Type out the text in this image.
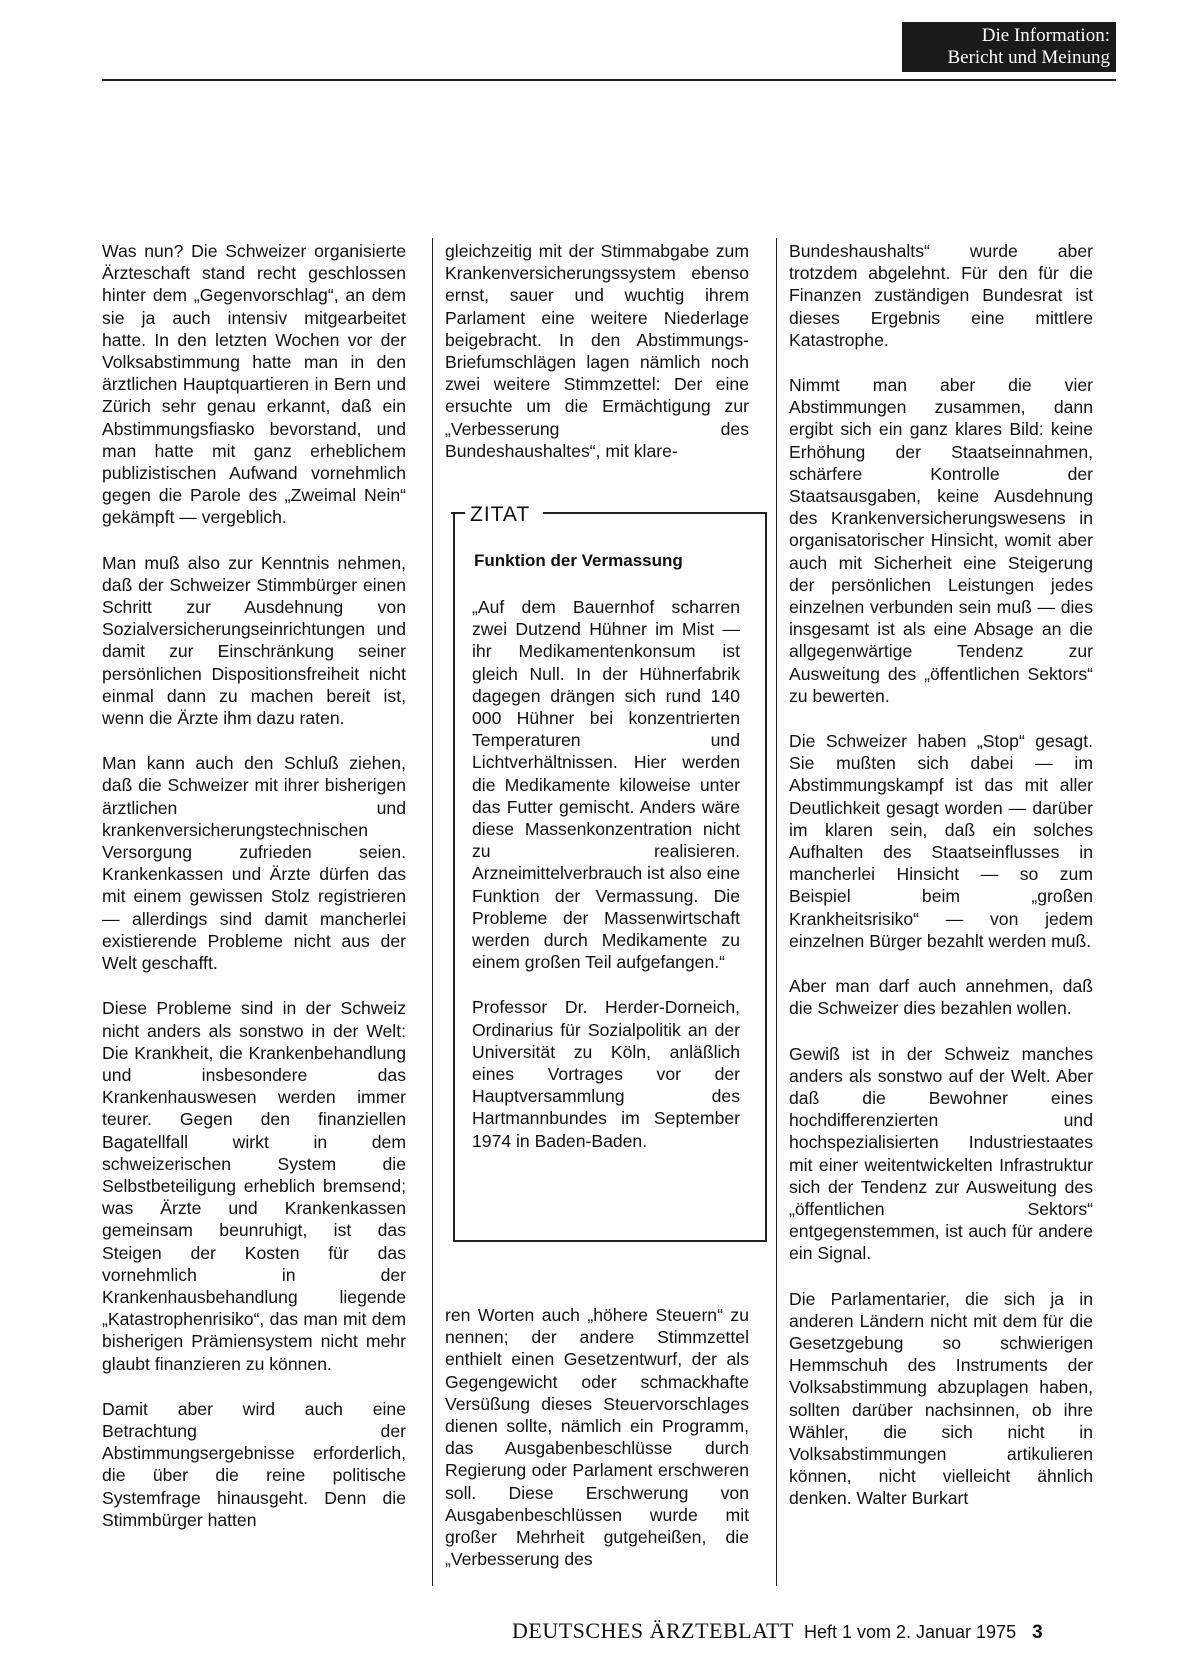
Die Information:
Bericht und Meinung

Was nun? Die Schweizer organisierte Ärzteschaft stand recht geschlossen hinter dem „Gegenvorschlag“, an dem sie ja auch intensiv mitgearbeitet hatte. In den letzten Wochen vor der Volksabstimmung hatte man in den ärztlichen Hauptquartieren in Bern und Zürich sehr genau erkannt, daß ein Abstimmungsfiasko bevorstand, und man hatte mit ganz erheblichem publizistischen Aufwand vornehmlich gegen die Parole des „Zweimal Nein“ gekämpft — vergeblich.

Man muß also zur Kenntnis nehmen, daß der Schweizer Stimmbürger einen Schritt zur Ausdehnung von Sozialversicherungseinrichtungen und damit zur Einschränkung seiner persönlichen Dispositionsfreiheit nicht einmal dann zu machen bereit ist, wenn die Ärzte ihm dazu raten.

Man kann auch den Schluß ziehen, daß die Schweizer mit ihrer bisherigen ärztlichen und krankenversicherungstechnischen Versorgung zufrieden seien. Krankenkassen und Ärzte dürfen das mit einem gewissen Stolz registrieren — allerdings sind damit mancherlei existierende Probleme nicht aus der Welt geschafft.

Diese Probleme sind in der Schweiz nicht anders als sonstwo in der Welt: Die Krankheit, die Krankenbehandlung und insbesondere das Krankenhauswesen werden immer teurer. Gegen den finanziellen Bagatellfall wirkt in dem schweizerischen System die Selbstbeteiligung erheblich bremsend; was Ärzte und Krankenkassen gemeinsam beunruhigt, ist das Steigen der Kosten für das vornehmlich in der Krankenhausbehandlung liegende „Katastrophenrisiko“, das man mit dem bisherigen Prämiensystem nicht mehr glaubt finanzieren zu können.

Damit aber wird auch eine Betrachtung der Abstimmungsergebnisse erforderlich, die über die reine politische Systemfrage hinausgeht. Denn die Stimmbürger hatten

gleichzeitig mit der Stimmabgabe zum Krankenversicherungssystem ebenso ernst, sauer und wuchtig ihrem Parlament eine weitere Niederlage beigebracht. In den Abstimmungs-Briefumschlägen lagen nämlich noch zwei weitere Stimmzettel: Der eine ersuchte um die Ermächtigung zur „Verbesserung des Bundeshaushaltes“, mit klare-

ZITAT
Funktion der Vermassung

„Auf dem Bauernhof scharren zwei Dutzend Hühner im Mist — ihr Medikamentenkonsum ist gleich Null. In der Hühnerfabrik dagegen drängen sich rund 140 000 Hühner bei konzentrierten Temperaturen und Lichtverhältnissen. Hier werden die Medikamente kiloweise unter das Futter gemischt. Anders wäre diese Massenkonzentration nicht zu realisieren. Arzneimittelverbrauch ist also eine Funktion der Vermassung. Die Probleme der Massenwirtschaft werden durch Medikamente zu einem großen Teil aufgefangen.“

Professor Dr. Herder-Dorneich, Ordinarius für Sozialpolitik an der Universität zu Köln, anläßlich eines Vortrages vor der Hauptversammlung des Hartmannbundes im September 1974 in Baden-Baden.

ren Worten auch „höhere Steuern“ zu nennen; der andere Stimmzettel enthielt einen Gesetzentwurf, der als Gegengewicht oder schmackhafte Versüßung dieses Steuervorschlages dienen sollte, nämlich ein Programm, das Ausgabenbeschlüsse durch Regierung oder Parlament erschweren soll. Diese Erschwerung von Ausgabenbeschlüssen wurde mit großer Mehrheit gutgeheißen, die „Verbesserung des

Bundeshaushalts“ wurde aber trotzdem abgelehnt. Für den für die Finanzen zuständigen Bundesrat ist dieses Ergebnis eine mittlere Katastrophe.

Nimmt man aber die vier Abstimmungen zusammen, dann ergibt sich ein ganz klares Bild: keine Erhöhung der Staatseinnahmen, schärfere Kontrolle der Staatsausgaben, keine Ausdehnung des Krankenversicherungswesens in organisatorischer Hinsicht, womit aber auch mit Sicherheit eine Steigerung der persönlichen Leistungen jedes einzelnen verbunden sein muß — dies insgesamt ist als eine Absage an die allgegenwärtige Tendenz zur Ausweitung des „öffentlichen Sektors“ zu bewerten.

Die Schweizer haben „Stop“ gesagt. Sie mußten sich dabei — im Abstimmungskampf ist das mit aller Deutlichkeit gesagt worden — darüber im klaren sein, daß ein solches Aufhalten des Staatseinflusses in mancherlei Hinsicht — so zum Beispiel beim „großen Krankheitsrisiko“ — von jedem einzelnen Bürger bezahlt werden muß.

Aber man darf auch annehmen, daß die Schweizer dies bezahlen wollen.

Gewiß ist in der Schweiz manches anders als sonstwo auf der Welt. Aber daß die Bewohner eines hochdifferenzierten und hochspezialisierten Industriestaates mit einer weitentwickelten Infrastruktur sich der Tendenz zur Ausweitung des „öffentlichen Sektors“ entgegenstemmen, ist auch für andere ein Signal.

Die Parlamentarier, die sich ja in anderen Ländern nicht mit dem für die Gesetzgebung so schwierigen Hemmschuh des Instruments der Volksabstimmung abzuplagen haben, sollten darüber nachsinnen, ob ihre Wähler, die sich nicht in Volksabstimmungen artikulieren können, nicht vielleicht ähnlich denken. Walter Burkart

DEUTSCHES ÄRZTEBLATT Heft 1 vom 2. Januar 1975 3
